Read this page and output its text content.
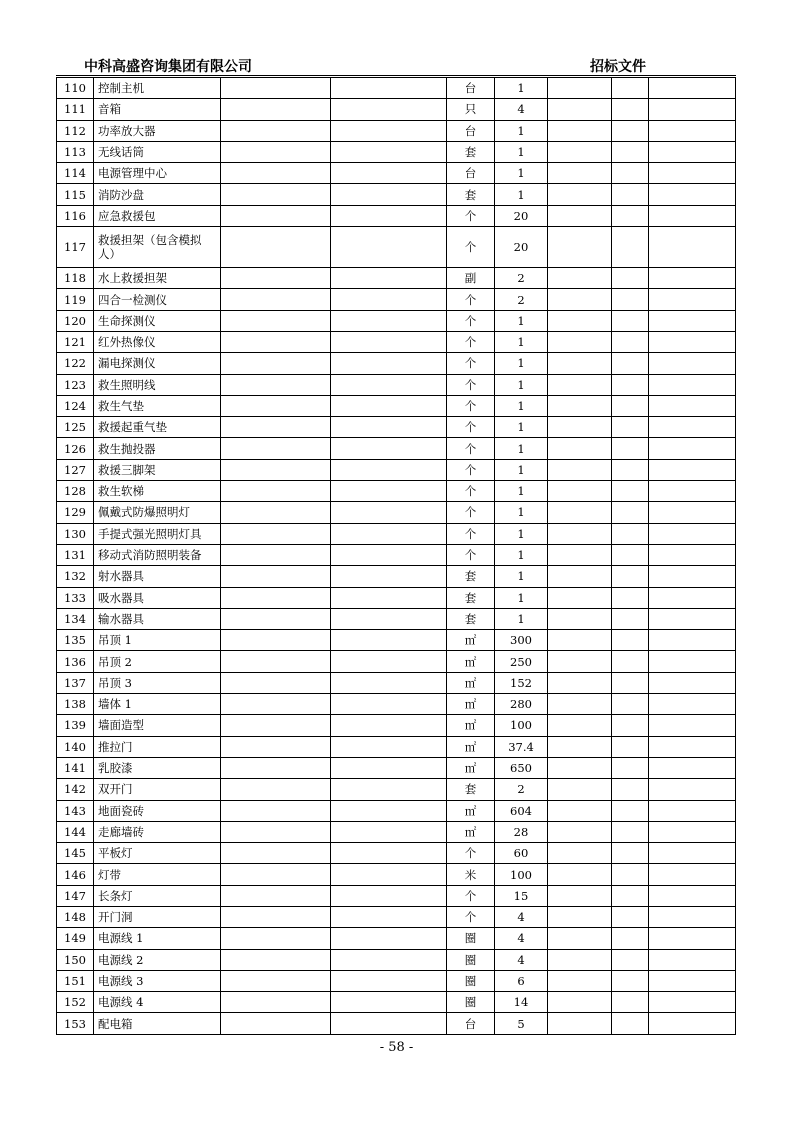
中科高盛咨询集团有限公司	招标文件
110	控制主机			台	1			
111	音箱			只	4			
112	功率放大器			台	1			
113	无线话筒			套	1			
114	电源管理中心			台	1			
115	消防沙盘			套	1			
116	应急救援包			个	20			
117	救援担架（包含模拟人）			个	20			
118	水上救援担架			副	2			
119	四合一检测仪			个	2			
120	生命探测仪			个	1			
121	红外热像仪			个	1			
122	漏电探测仪			个	1			
123	救生照明线			个	1			
124	救生气垫			个	1			
125	救援起重气垫			个	1			
126	救生抛投器			个	1			
127	救援三脚架			个	1			
128	救生软梯			个	1			
129	佩戴式防爆照明灯			个	1			
130	手提式强光照明灯具			个	1			
131	移动式消防照明装备			个	1			
132	射水器具			套	1			
133	吸水器具			套	1			
134	输水器具			套	1			
135	吊顶 1			㎡	300			
136	吊顶 2			㎡	250			
137	吊顶 3			㎡	152			
138	墙体 1			㎡	280			
139	墙面造型			㎡	100			
140	推拉门			㎡	37.4			
141	乳胶漆			㎡	650			
142	双开门			套	2			
143	地面瓷砖			㎡	604			
144	走廊墙砖			㎡	28			
145	平板灯			个	60			
146	灯带			米	100			
147	长条灯			个	15			
148	开门洞			个	4			
149	电源线 1			圈	4			
150	电源线 2			圈	4			
151	电源线 3			圈	6			
152	电源线 4			圈	14			
153	配电箱			台	5			
- 58 -
